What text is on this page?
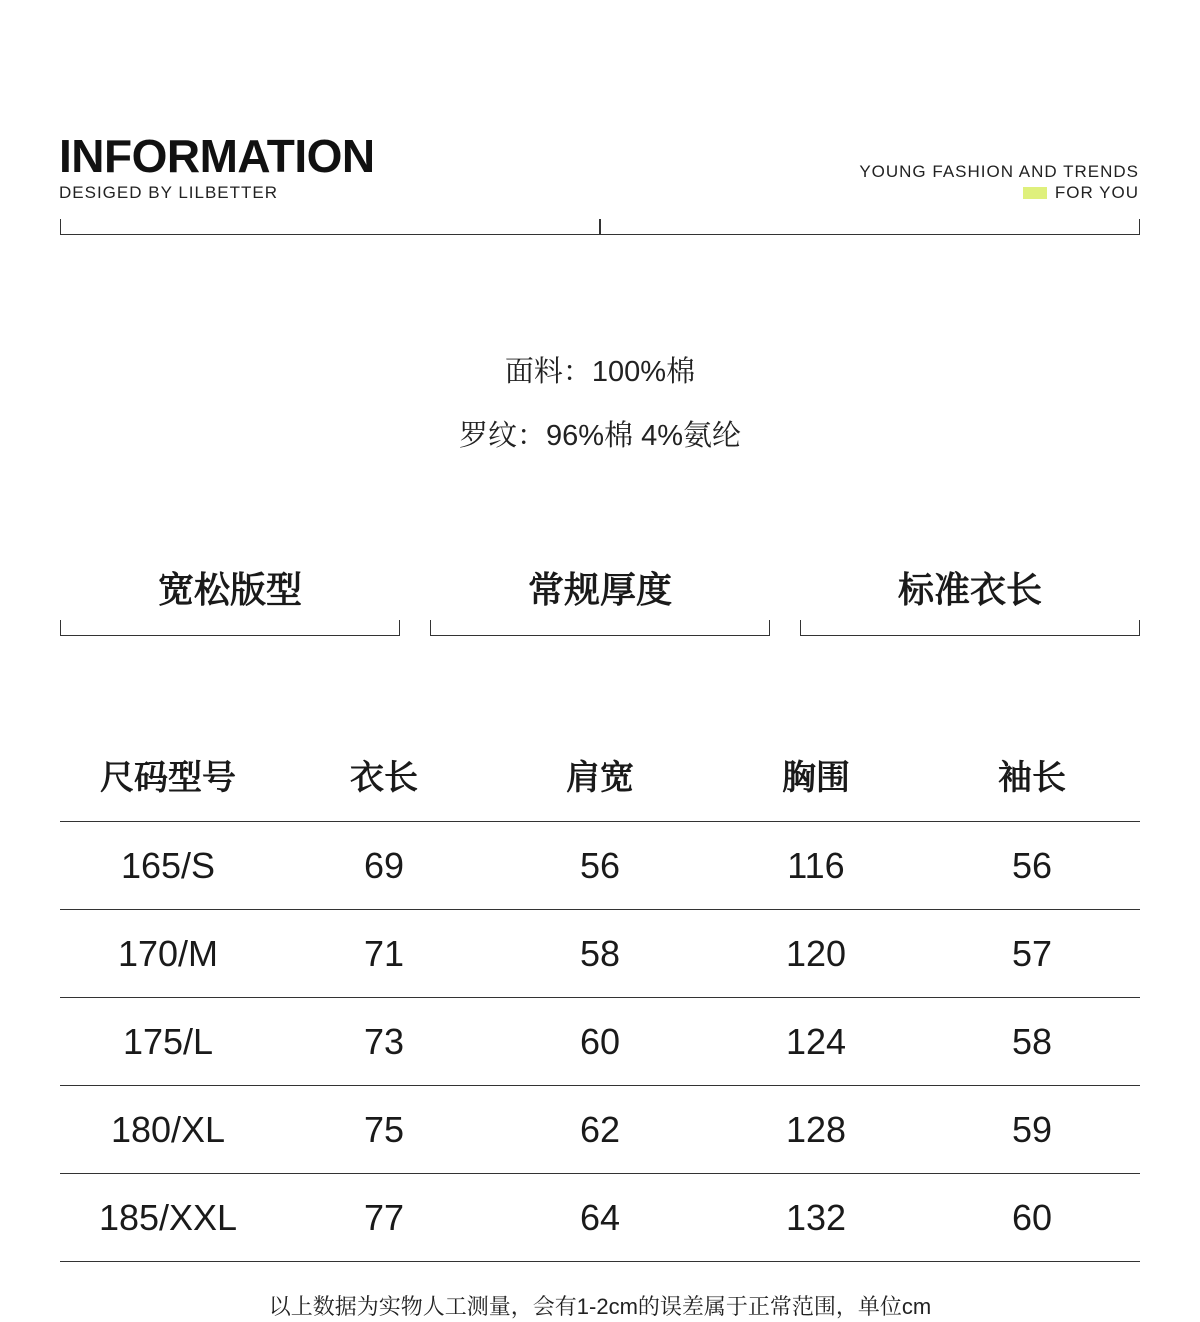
INFORMATION
DESIGED BY LILBETTER
YOUNG FASHION AND TRENDS
FOR YOU
面料：100%棉
罗纹：96%棉 4%氨纶
宽松版型	常规厚度	标准衣长
尺码型号	衣长	肩宽	胸围	袖长
165/S	69	56	116	56
170/M	71	58	120	57
175/L	73	60	124	58
180/XL	75	62	128	59
185/XXL	77	64	132	60
以上数据为实物人工测量，会有1-2cm的误差属于正常范围，单位cm
